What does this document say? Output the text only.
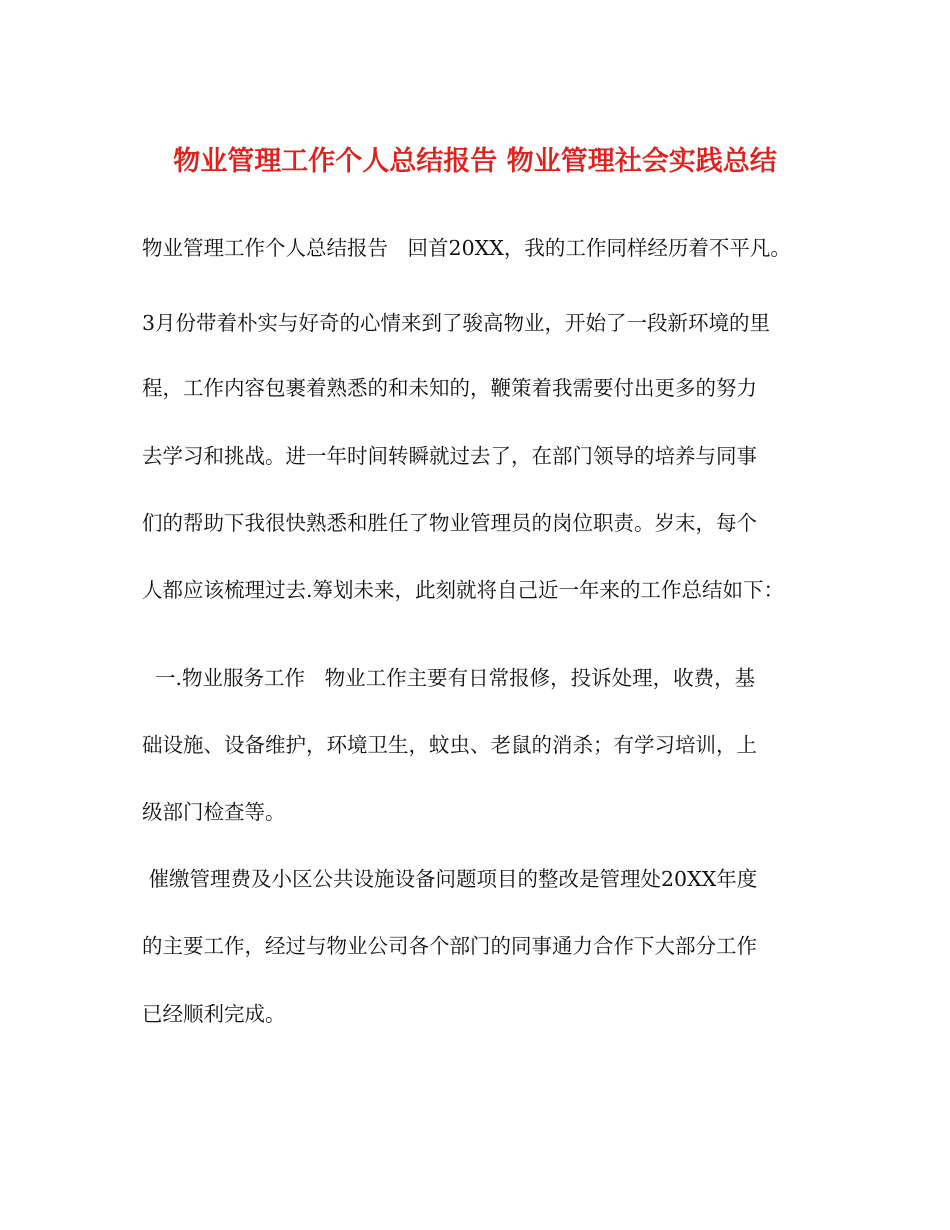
物业管理工作个人总结报告 物业管理社会实践总结
物业管理工作个人总结报告   回首20XX，我的工作同样经历着不平凡。
3月份带着朴实与好奇的心情来到了骏高物业，开始了一段新环境的里
程，工作内容包裹着熟悉的和未知的，鞭策着我需要付出更多的努力
去学习和挑战。进一年时间转瞬就过去了，在部门领导的培养与同事
们的帮助下我很快熟悉和胜任了物业管理员的岗位职责。岁末，每个
人都应该梳理过去.筹划未来，此刻就将自己近一年来的工作总结如下：
一.物业服务工作   物业工作主要有日常报修，投诉处理，收费，基
础设施、设备维护，环境卫生，蚊虫、老鼠的消杀；有学习培训，上
级部门检查等。
催缴管理费及小区公共设施设备问题项目的整改是管理处20XX年度
的主要工作，经过与物业公司各个部门的同事通力合作下大部分工作
已经顺利完成。
